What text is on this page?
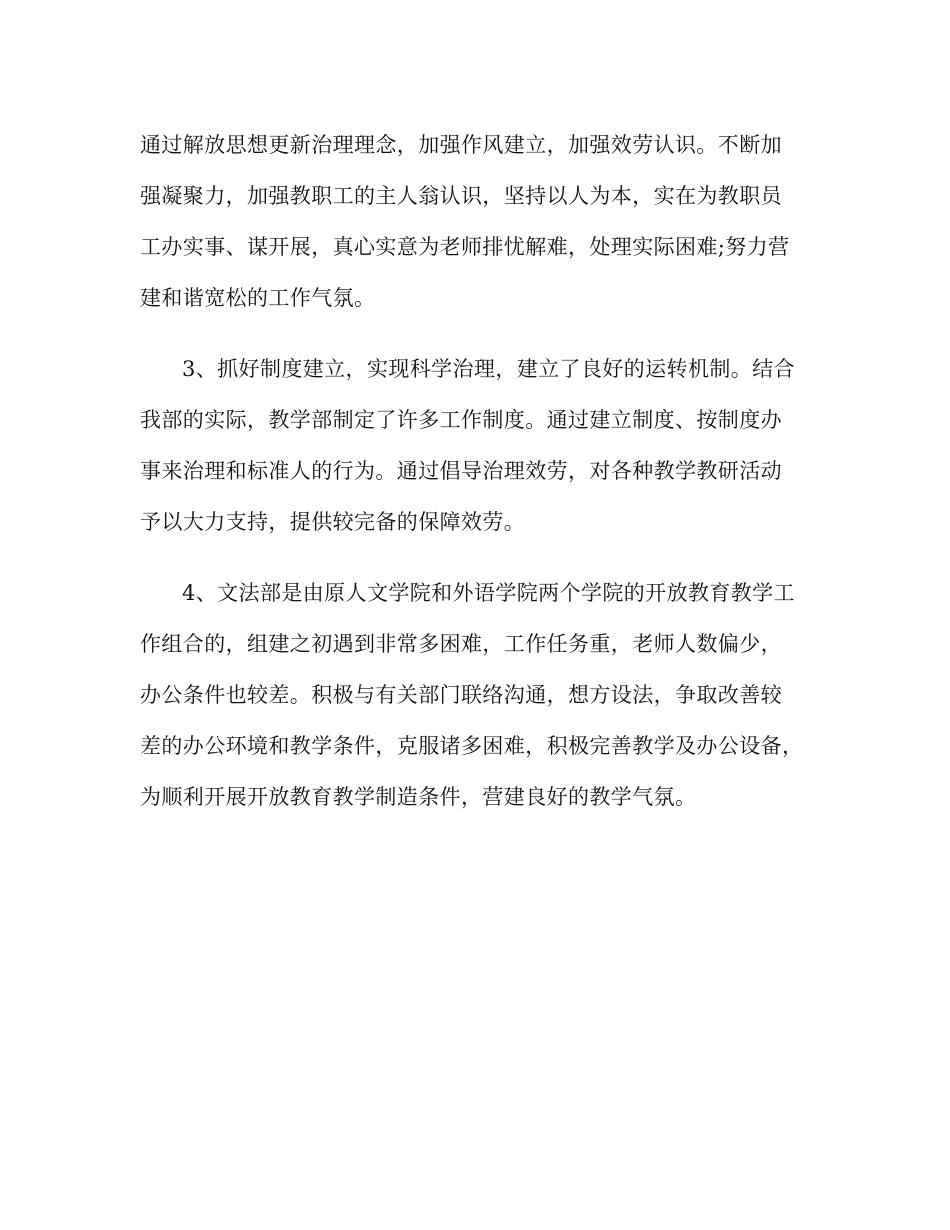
通过解放思想更新治理理念，加强作风建立，加强效劳认识。不断加
强凝聚力，加强教职工的主人翁认识，坚持以人为本，实在为教职员
工办实事、谋开展，真心实意为老师排忧解难，处理实际困难;努力营
建和谐宽松的工作气氛。
3、抓好制度建立，实现科学治理，建立了良好的运转机制。结合
我部的实际，教学部制定了许多工作制度。通过建立制度、按制度办
事来治理和标准人的行为。通过倡导治理效劳，对各种教学教研活动
予以大力支持，提供较完备的保障效劳。
4、文法部是由原人文学院和外语学院两个学院的开放教育教学工
作组合的，组建之初遇到非常多困难，工作任务重，老师人数偏少，
办公条件也较差。积极与有关部门联络沟通，想方设法，争取改善较
差的办公环境和教学条件，克服诸多困难，积极完善教学及办公设备，
为顺利开展开放教育教学制造条件，营建良好的教学气氛。
